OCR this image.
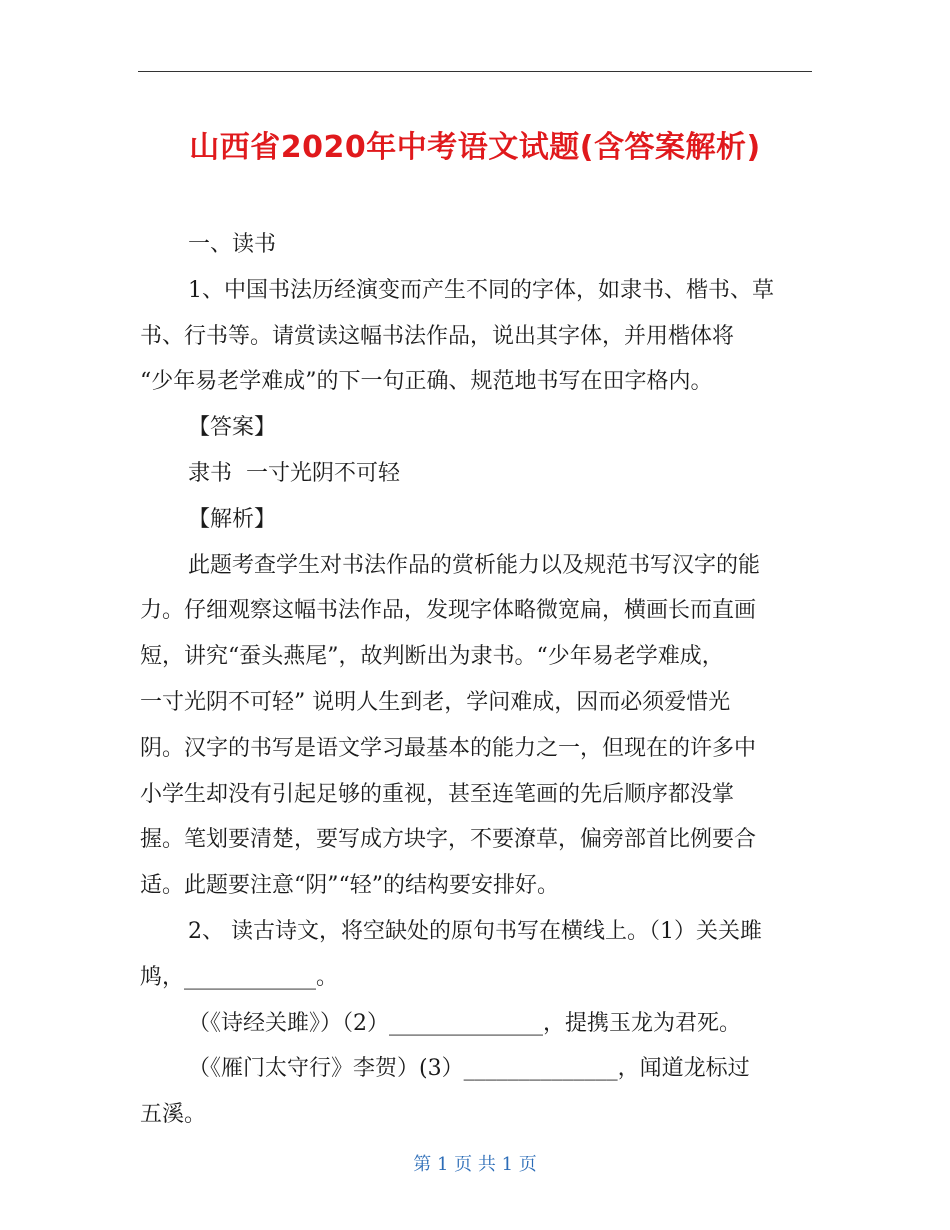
山西省2020年中考语文试题(含答案解析)

一、读书

1、中国书法历经演变而产生不同的字体，如隶书、楷书、草

书、行书等。请赏读这幅书法作品，说出其字体，并用楷体将

“少年易老学难成”的下一句正确、规范地书写在田字格内。

【答案】

隶书  一寸光阴不可轻

【解析】

此题考查学生对书法作品的赏析能力以及规范书写汉字的能

力。仔细观察这幅书法作品，发现字体略微宽扁，横画长而直画

短，讲究“蚕头燕尾”，故判断出为隶书。“少年易老学难成，

一寸光阴不可轻” 说明人生到老，学问难成，因而必须爱惜光

阴。汉字的书写是语文学习最基本的能力之一，但现在的许多中

小学生却没有引起足够的重视，甚至连笔画的先后顺序都没掌

握。笔划要清楚，要写成方块字，不要潦草，偏旁部首比例要合

适。此题要注意“阴”“轻”的结构要安排好。

2、 读古诗文，将空缺处的原句书写在横线上。（1）关关雎

鸠，____________。

（《诗经关雎》）（2）______________，提携玉龙为君死。

（《雁门太守行》李贺）(3）______________，闻道龙标过

五溪。

第 1 页 共 1 页
